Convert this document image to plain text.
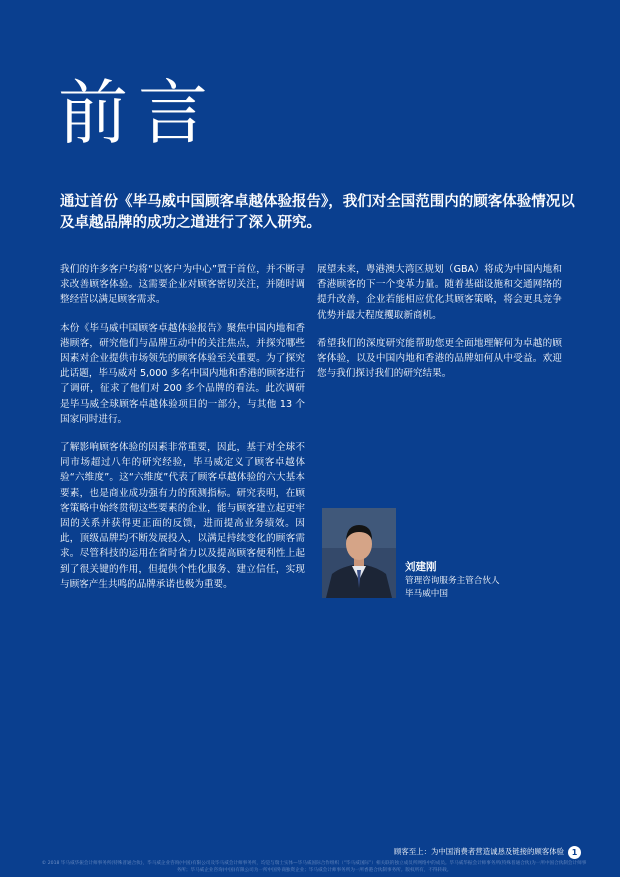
前言
通过首份《毕马威中国顾客卓越体验报告》，我们对全国范围内的顾客体验情况以及卓越品牌的成功之道进行了深入研究。

我们的许多客户均将“以客户为中心”置于首位，并不断寻求改善顾客体验。这需要企业对顾客密切关注，并随时调整经营以满足顾客需求。

本份《毕马威中国顾客卓越体验报告》聚焦中国内地和香港顾客，研究他们与品牌互动中的关注焦点，并探究哪些因素对企业提供市场领先的顾客体验至关重要。为了探究此话题，毕马威对 5,000 多名中国内地和香港的顾客进行了调研，征求了他们对 200 多个品牌的看法。此次调研是毕马威全球顾客卓越体验项目的一部分，与其他 13 个国家同时进行。

了解影响顾客体验的因素非常重要，因此，基于对全球不同市场超过八年的研究经验，毕马威定义了顾客卓越体验“六维度”。这“六维度”代表了顾客卓越体验的六大基本要素，也是商业成功强有力的预测指标。研究表明，在顾客策略中始终贯彻这些要素的企业，能与顾客建立起更牢固的关系并获得更正面的反馈，进而提高业务绩效。因此，顶级品牌均不断发展投入，以满足持续变化的顾客需求。尽管科技的运用在省时省力以及提高顾客便利性上起到了很关键的作用，但提供个性化服务、建立信任，实现与顾客产生共鸣的品牌承诺也极为重要。

展望未来，粤港澳大湾区规划（GBA）将成为中国内地和香港顾客的下一个变革力量。随着基础设施和交通网络的提升改善，企业若能相应优化其顾客策略，将会更具竞争优势并最大程度攫取新商机。

希望我们的深度研究能帮助您更全面地理解何为卓越的顾客体验，以及中国内地和香港的品牌如何从中受益。欢迎您与我们探讨我们的研究结果。

刘建刚
管理咨询服务主管合伙人
毕马威中国
顾客至上：为中国消费者营造诚恳及链接的顾客体验 1
© 2018 毕马威华振会计师事务所(特殊普通合伙)，毕马威企业咨询(中国)有限公司及毕马威会计师事务所，均是与瑞士实体—毕马威国际合作组织（“毕马威国际”）相关联的独立成员所网络中的成员。毕马威华振会计师事务所(特殊普通合伙)为一所中国合伙制会计师事务所；毕马威企业咨询(中国)有限公司为一所中国外商独资企业；毕马威会计师事务所为一所香港合伙制事务所。版权所有，不得转载。
